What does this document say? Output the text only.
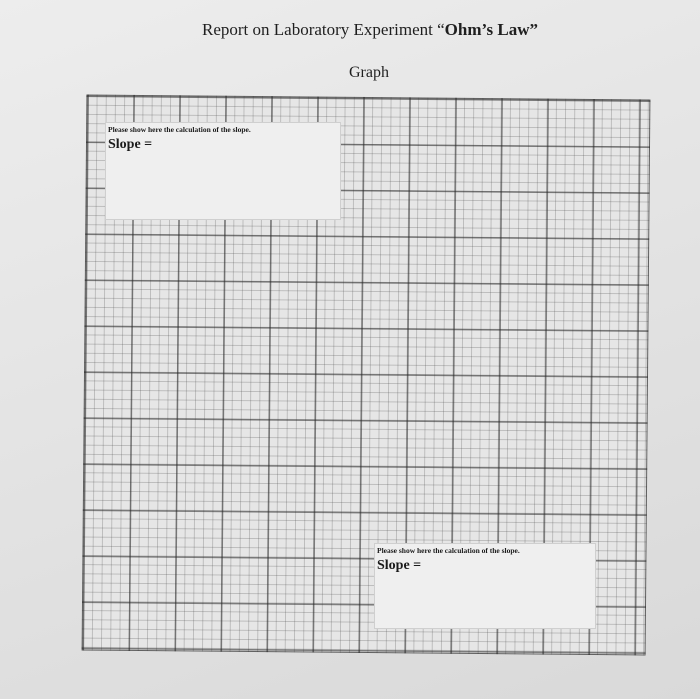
Report on Laboratory Experiment “Ohm’s Law”
Graph
Please show here the calculation of the slope.
Slope =
Please show here the calculation of the slope.
Slope =
